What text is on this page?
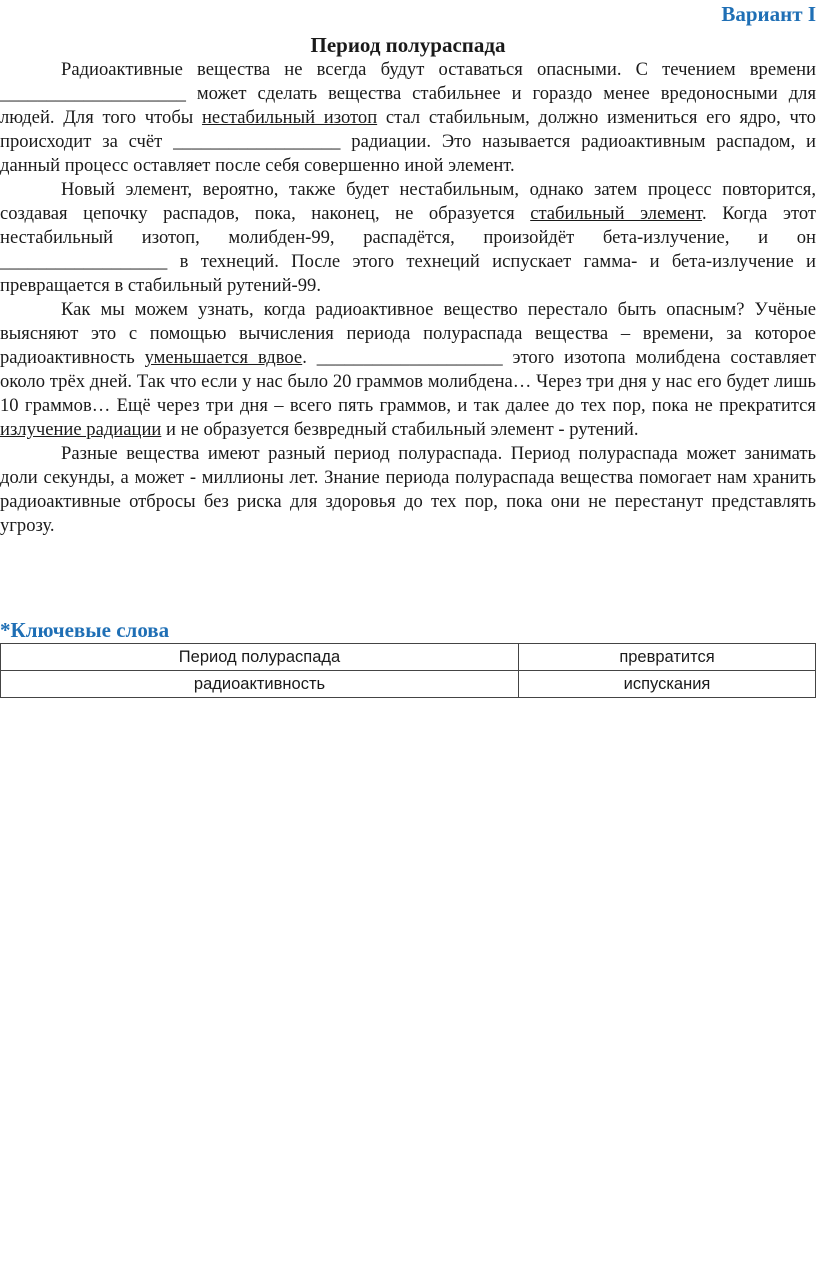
Вариант I
Период полураспада

Радиоактивные вещества не всегда будут оставаться опасными. С течением времени ____________________ может сделать вещества стабильнее и гораздо менее вредоносными для людей. Для того чтобы нестабильный изотоп стал стабильным, должно измениться его ядро, что происходит за счёт __________________ радиации. Это называется радиоактивным распадом, и данный процесс оставляет после себя совершенно иной элемент.

Новый элемент, вероятно, также будет нестабильным, однако затем процесс повторится, создавая цепочку распадов, пока, наконец, не образуется стабильный элемент. Когда этот нестабильный изотоп, молибден-99, распадётся, произойдёт бета-излучение, и он __________________ в технеций. После этого технеций испускает гамма- и бета-излучение и превращается в стабильный рутений-99.

Как мы можем узнать, когда радиоактивное вещество перестало быть опасным? Учёные выясняют это с помощью вычисления периода полураспада вещества – времени, за которое радиоактивность уменьшается вдвое. ____________________ этого изотопа молибдена составляет около трёх дней. Так что если у нас было 20 граммов молибдена… Через три дня у нас его будет лишь 10 граммов… Ещё через три дня – всего пять граммов, и так далее до тех пор, пока не прекратится излучение радиации и не образуется безвредный стабильный элемент - рутений.

Разные вещества имеют разный период полураспада. Период полураспада может занимать доли секунды, а может - миллионы лет. Знание периода полураспада вещества помогает нам хранить радиоактивные отбросы без риска для здоровья до тех пор, пока они не перестанут представлять угрозу.

*Ключевые слова
Период полураспада	превратится
радиоактивность	испускания
